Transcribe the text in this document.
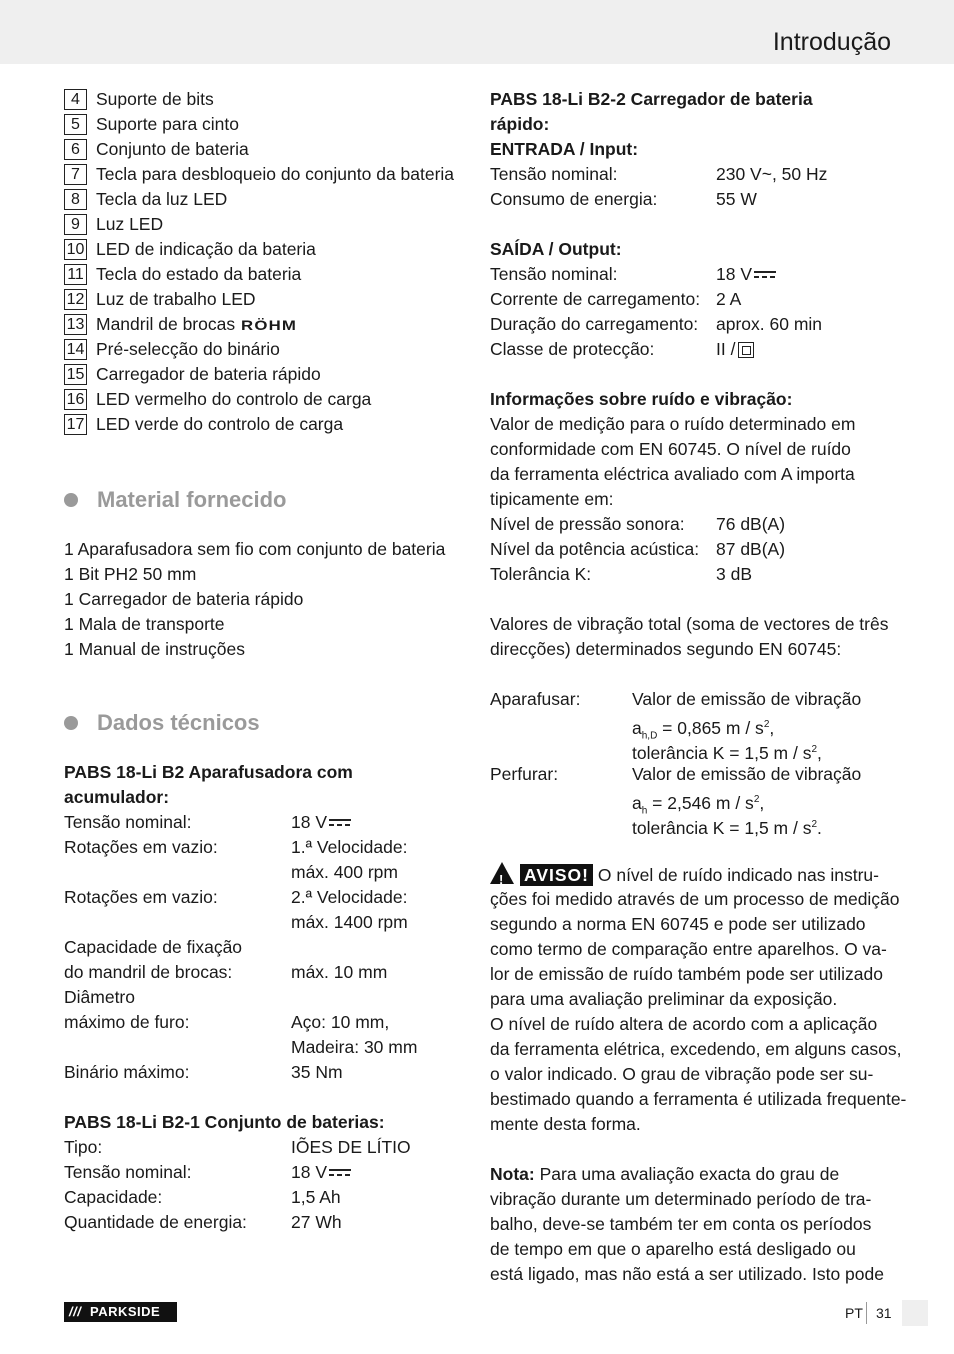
Introdução
4 Suporte de bits
5 Suporte para cinto
6 Conjunto de bateria
7 Tecla para desbloqueio do conjunto da bateria
8 Tecla da luz LED
9 Luz LED
10 LED de indicação da bateria
11 Tecla do estado da bateria
12 Luz de trabalho LED
13 Mandril de brocas RÖHM
14 Pré-selecção do binário
15 Carregador de bateria rápido
16 LED vermelho do controlo de carga
17 LED verde do controlo de carga
Material fornecido
1 Aparafusadora sem fio com conjunto de bateria
1 Bit PH2 50 mm
1 Carregador de bateria rápido
1 Mala de transporte
1 Manual de instruções
Dados técnicos
PABS 18-Li B2 Aparafusadora com
acumulador:
Tensão nominal:	18 V
Rotações em vazio:	1.ª Velocidade:
máx. 400 rpm
Rotações em vazio:	2.ª Velocidade:
máx. 1400 rpm
Capacidade de fixação
do mandril de brocas:	máx. 10 mm
Diâmetro
máximo de furo:	Aço: 10 mm,
Madeira: 30 mm
Binário máximo:	35 Nm
PABS 18-Li B2-1 Conjunto de baterias:
Tipo:	IÕES DE LÍTIO
Tensão nominal:	18 V
Capacidade:	1,5 Ah
Quantidade de energia:	27 Wh
PABS 18-Li B2-2 Carregador de bateria
rápido:
ENTRADA / Input:
Tensão nominal:	230 V~, 50 Hz
Consumo de energia:	55 W
SAÍDA / Output:
Tensão nominal:	18 V
Corrente de carregamento: 2 A
Duração do carregamento:	aprox. 60 min
Classe de protecção:	II /
Informações sobre ruído e vibração:
Valor de medição para o ruído determinado em
conformidade com EN 60745. O nível de ruído
da ferramenta eléctrica avaliado com A importa
tipicamente em:
Nível de pressão sonora:	76 dB(A)
Nível da potência acústica: 87 dB(A)
Tolerância K:	3 dB
Valores de vibração total (soma de vectores de três
direcções) determinados segundo EN 60745:
Aparafusar:	Valor de emissão de vibração
$a_{h,D} = 0,865$ m / $s^2$,
tolerância K = 1,5 m / $s^2$,
Perfurar:	Valor de emissão de vibração
$a_h = 2,546$ m / $s^2$,
tolerância K = 1,5 m / $s^2$.
! AVISO! O nível de ruído indicado nas instru-
ções foi medido através de um processo de medição
segundo a norma EN 60745 e pode ser utilizado
como termo de comparação entre aparelhos. O va-
lor de emissão de ruído também pode ser utilizado
para uma avaliação preliminar da exposição.
O nível de ruído altera de acordo com a aplicação
da ferramenta elétrica, excedendo, em alguns casos,
o valor indicado. O grau de vibração pode ser su-
bestimado quando a ferramenta é utilizada frequente-
mente desta forma.
Nota: Para uma avaliação exacta do grau de
vibração durante um determinado período de tra-
balho, deve-se também ter em conta os períodos
de tempo em que o aparelho está desligado ou
está ligado, mas não está a ser utilizado. Isto pode
/// PARKSIDE	PT 31
